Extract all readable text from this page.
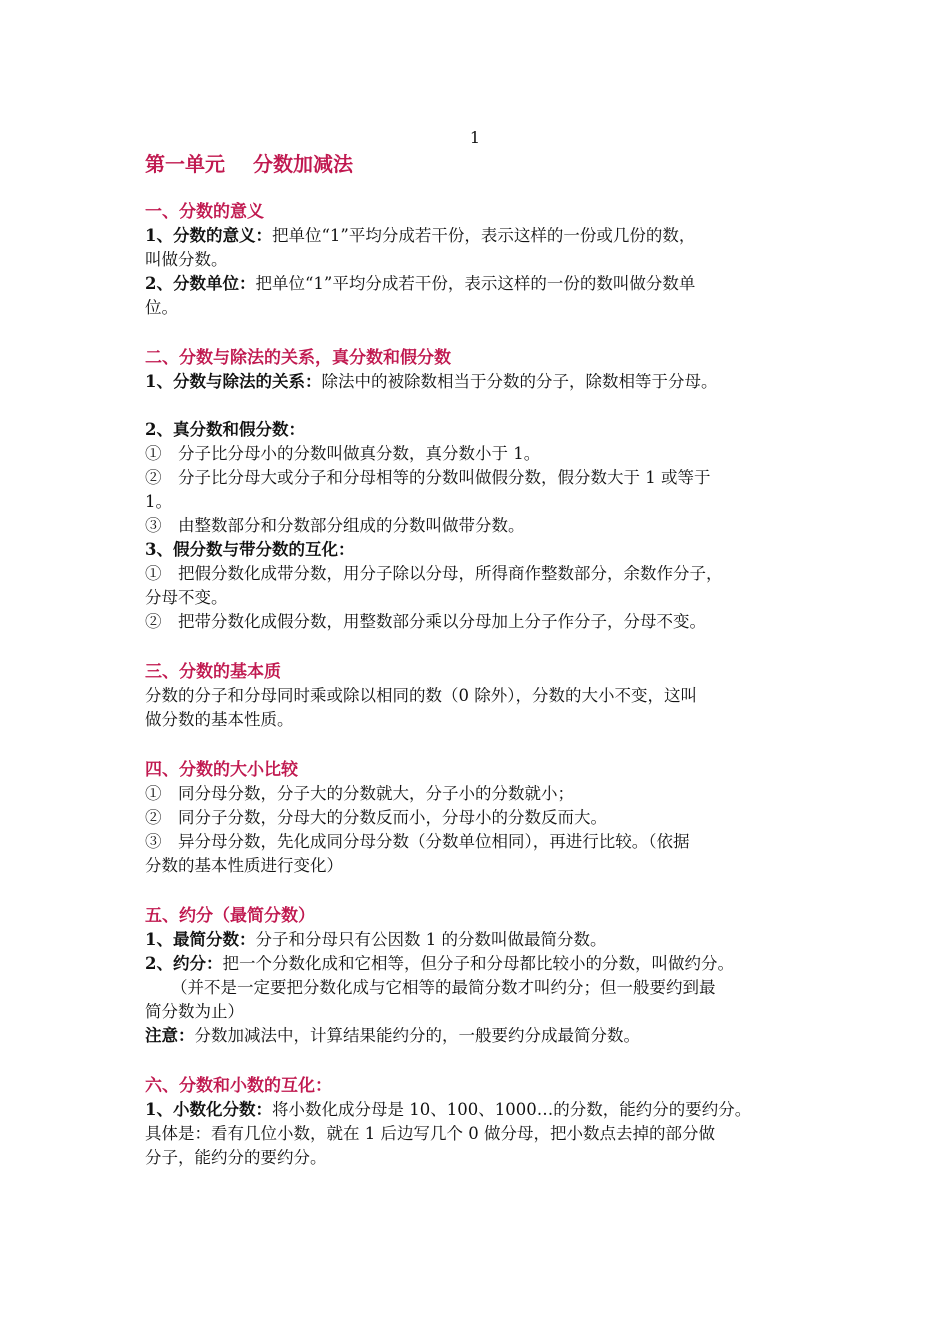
1
第一单元 分数加减法
一、分数的意义

1、分数的意义：把单位“1”平均分成若干份，表示这样的一份或几份的数，

叫做分数。

2、分数单位：把单位“1”平均分成若干份，表示这样的一份的数叫做分数单

位。

二、分数与除法的关系，真分数和假分数

1、分数与除法的关系：除法中的被除数相当于分数的分子，除数相等于分母。

2、真分数和假分数：

①　分子比分母小的分数叫做真分数，真分数小于 1。

②　分子比分母大或分子和分母相等的分数叫做假分数，假分数大于 1 或等于

1。

③　由整数部分和分数部分组成的分数叫做带分数。

3、假分数与带分数的互化：

①　把假分数化成带分数，用分子除以分母，所得商作整数部分，余数作分子，

分母不变。

②　把带分数化成假分数，用整数部分乘以分母加上分子作分子，分母不变。

三、分数的基本质

分数的分子和分母同时乘或除以相同的数（0 除外），分数的大小不变，这叫

做分数的基本性质。

四、分数的大小比较

①　同分母分数，分子大的分数就大，分子小的分数就小；

②　同分子分数，分母大的分数反而小，分母小的分数反而大。

③　异分母分数，先化成同分母分数（分数单位相同），再进行比较。（依据

分数的基本性质进行变化）

五、约分（最简分数）

1、最简分数：分子和分母只有公因数 1 的分数叫做最简分数。

2、约分：把一个分数化成和它相等，但分子和分母都比较小的分数，叫做约分。

（并不是一定要把分数化成与它相等的最简分数才叫约分；但一般要约到最

简分数为止）

注意：分数加减法中，计算结果能约分的，一般要约分成最简分数。

六、分数和小数的互化：

1、小数化分数：将小数化成分母是 10、100、1000…的分数，能约分的要约分。

具体是：看有几位小数，就在 1 后边写几个 0 做分母，把小数点去掉的部分做

分子，能约分的要约分。
